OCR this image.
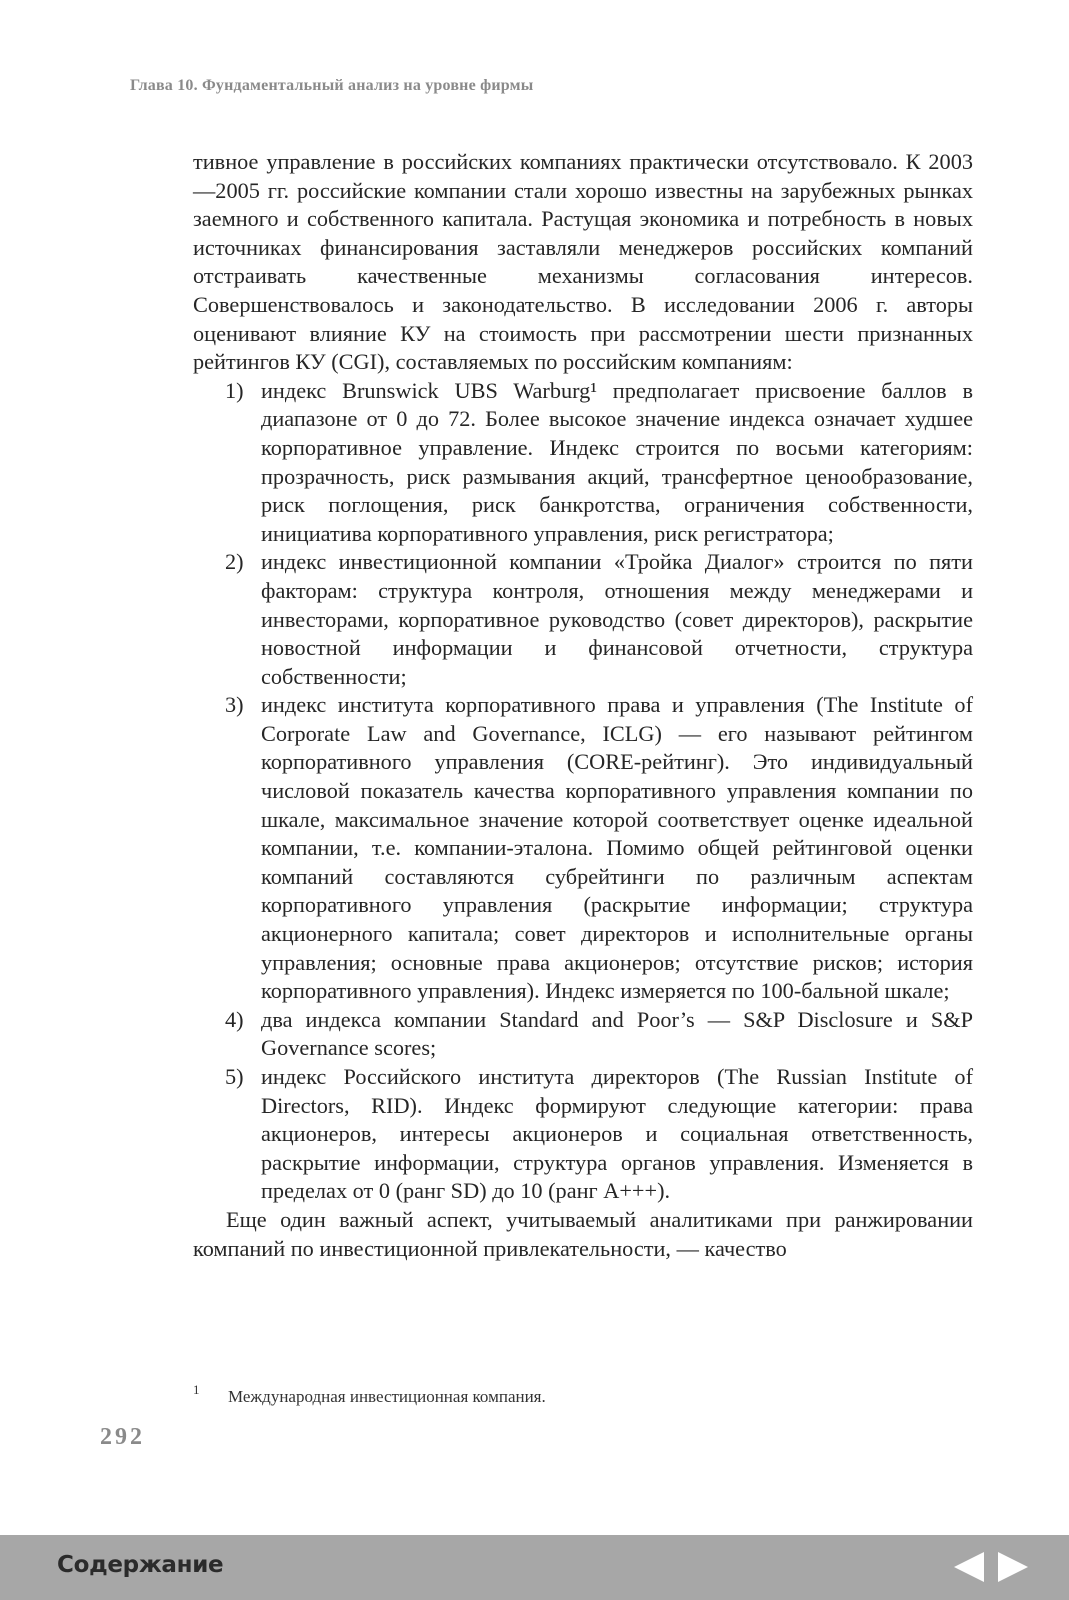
Глава 10. Фундаментальный анализ на уровне фирмы

тивное управление в российских компаниях практически отсутствовало. К 2003—2005 гг. российские компании стали хорошо известны на зарубежных рынках заемного и собственного капитала. Растущая экономика и потребность в новых источниках финансирования заставляли менеджеров российских компаний отстраивать качественные механизмы согласования интересов. Совершенствовалось и законодательство. В исследовании 2006 г. авторы оценивают влияние КУ на стоимость при рассмотрении шести признанных рейтингов КУ (CGI), составляемых по российским компаниям:

1) индекс Brunswick UBS Warburg¹ предполагает присвоение баллов в диапазоне от 0 до 72. Более высокое значение индекса означает худшее корпоративное управление. Индекс строится по восьми категориям: прозрачность, риск размывания акций, трансфертное ценообразование, риск поглощения, риск банкротства, ограничения собственности, инициатива корпоративного управления, риск регистратора;
2) индекс инвестиционной компании «Тройка Диалог» строится по пяти факторам: структура контроля, отношения между менеджерами и инвесторами, корпоративное руководство (совет директоров), раскрытие новостной информации и финансовой отчетности, структура собственности;
3) индекс института корпоративного права и управления (The Institute of Corporate Law and Governance, ICLG) — его называют рейтингом корпоративного управления (CORE-рейтинг). Это индивидуальный числовой показатель качества корпоративного управления компании по шкале, максимальное значение которой соответствует оценке идеальной компании, т.е. компании-эталона. Помимо общей рейтинговой оценки компаний составляются субрейтинги по различным аспектам корпоративного управления (раскрытие информации; структура акционерного капитала; совет директоров и исполнительные органы управления; основные права акционеров; отсутствие рисков; история корпоративного управления). Индекс измеряется по 100-бальной шкале;
4) два индекса компании Standard and Poor’s — S&P Disclosure и S&P Governance scores;
5) индекс Российского института директоров (The Russian Institute of Directors, RID). Индекс формируют следующие категории: права акционеров, интересы акционеров и социальная ответственность, раскрытие информации, структура органов управления. Изменяется в пределах от 0 (ранг SD) до 10 (ранг A+++).

Еще один важный аспект, учитываемый аналитиками при ранжировании компаний по инвестиционной привлекательности, — качество

1 Международная инвестиционная компания.
292
Содержание
